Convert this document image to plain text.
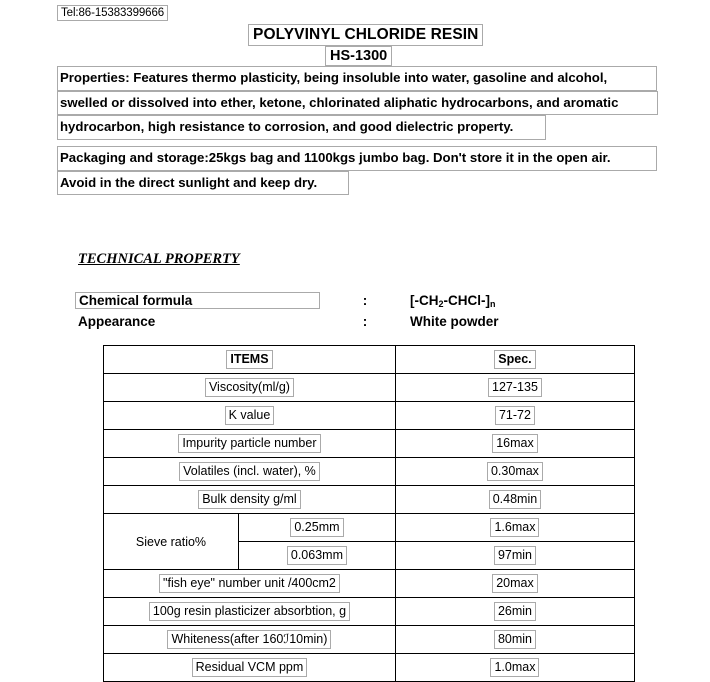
Tel:86-15383399666
POLYVINYL CHLORIDE RESIN
HS-1300
Properties: Features thermo plasticity, being insoluble into water, gasoline and alcohol,
swelled or dissolved into ether, ketone, chlorinated aliphatic hydrocarbons, and aromatic
hydrocarbon, high resistance to corrosion, and good dielectric property.
Packaging and storage:25kgs bag and 1100kgs jumbo bag. Don't store it in the open air.
Avoid in the direct sunlight and keep dry.
TECHNICAL PROPERTY
Chemical formula	:	$[-CH_2-CHCl-]_n$
Appearance	:	White powder
ITEMS		Spec.
Viscosity(ml/g)		127-135
K value		71-72
Impurity particle number		16max
Volatiles (incl. water), %		0.30max
Bulk density g/ml		0.48min
Sieve ratio%	0.25mm	1.6max
	0.063mm	97min
"fish eye" number unit /400cm2		20max
100g resin plasticizer absorbtion, g		26min
Whiteness(after 160ℐ10min)		80min
Residual VCM ppm		1.0max
